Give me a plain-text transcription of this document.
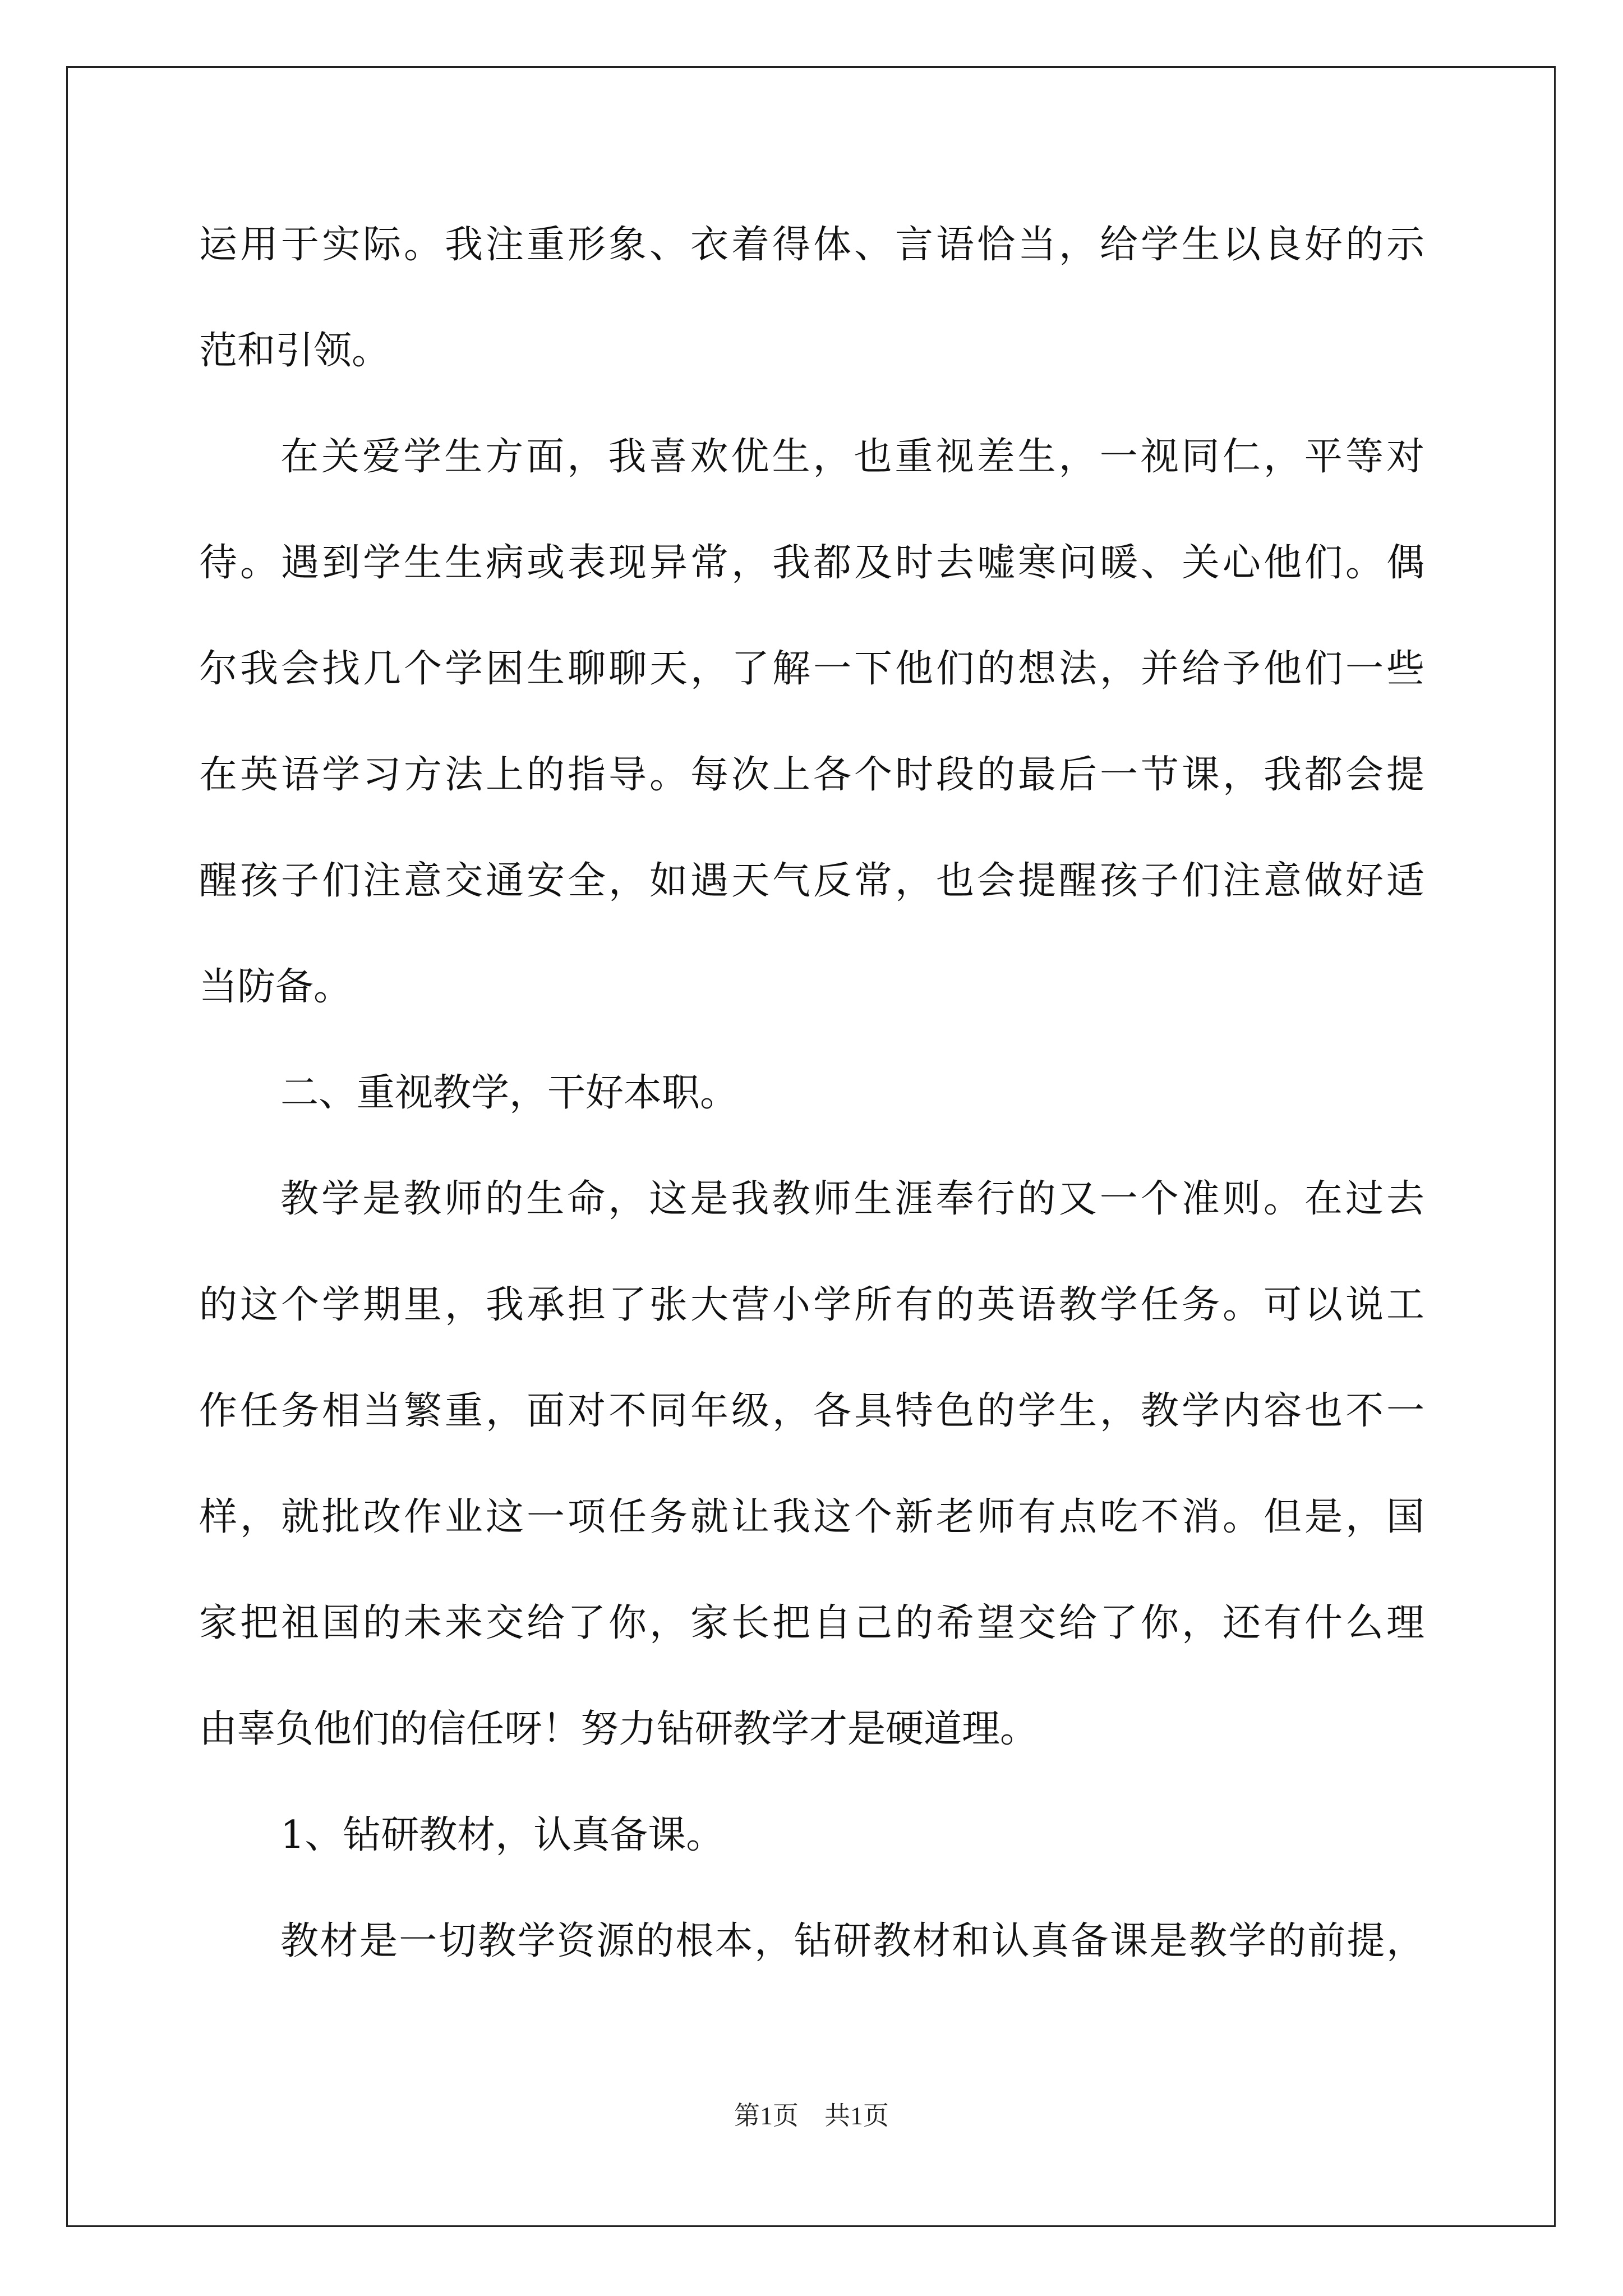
运用于实际。我注重形象、衣着得体、言语恰当，给学生以良好的示
范和引领。
在关爱学生方面，我喜欢优生，也重视差生，一视同仁，平等对
待。遇到学生生病或表现异常，我都及时去嘘寒问暖、关心他们。偶
尔我会找几个学困生聊聊天，了解一下他们的想法，并给予他们一些
在英语学习方法上的指导。每次上各个时段的最后一节课，我都会提
醒孩子们注意交通安全，如遇天气反常，也会提醒孩子们注意做好适
当防备。
二、重视教学，干好本职。
教学是教师的生命，这是我教师生涯奉行的又一个准则。在过去
的这个学期里，我承担了张大营小学所有的英语教学任务。可以说工
作任务相当繁重，面对不同年级，各具特色的学生，教学内容也不一
样，就批改作业这一项任务就让我这个新老师有点吃不消。但是，国
家把祖国的未来交给了你，家长把自己的希望交给了你，还有什么理
由辜负他们的信任呀！努力钻研教学才是硬道理。
1、钻研教材，认真备课。
教材是一切教学资源的根本，钻研教材和认真备课是教学的前提，
第1页　共1页
